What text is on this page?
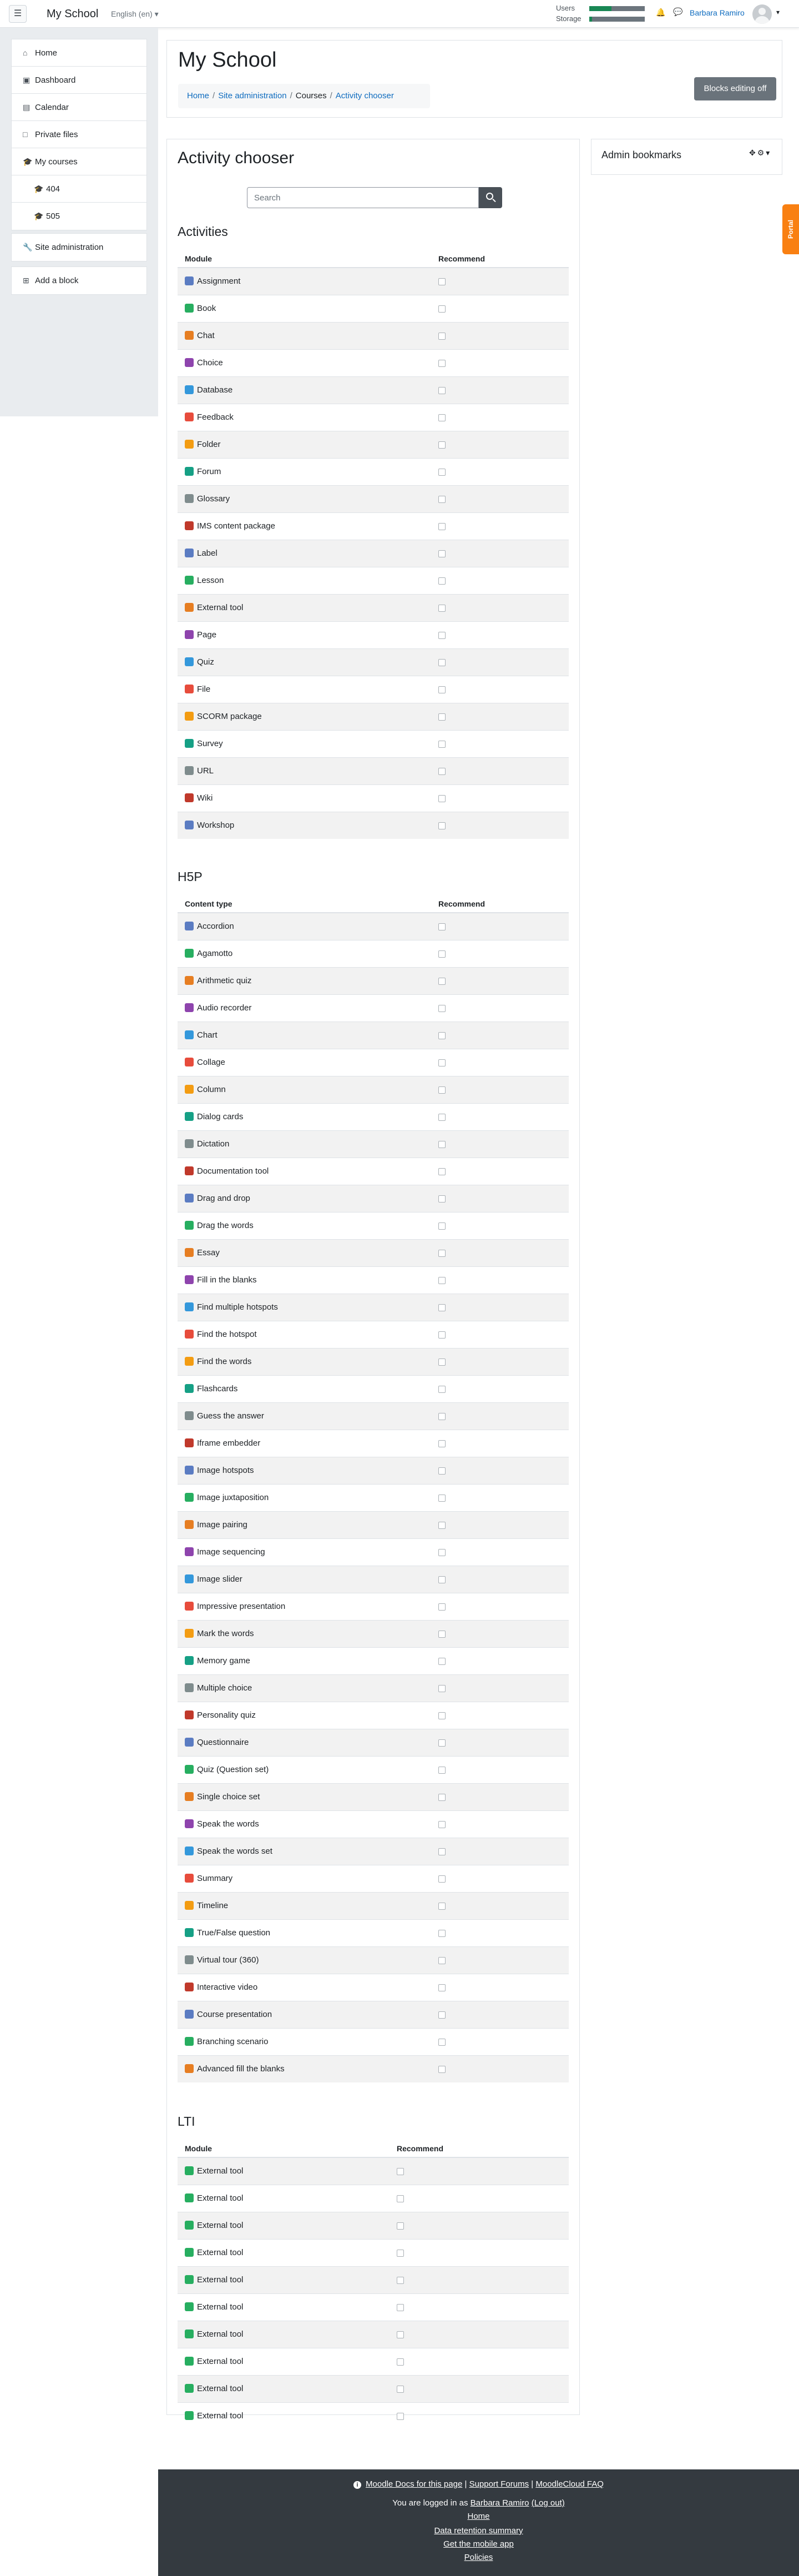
☰	My School English (en) ▾
Users
Storage
🔔 💬 Barbara Ramiro	▾
⌂ Home
▣ Dashboard
▤ Calendar
□ Private files
🎓 My courses
🎓 404
🎓 505
🔧 Site administration
⊞ Add a block
My School
Home / Site administration / Courses / Activity chooser
Blocks editing off
Activity chooser
Search
Activities
Module	Recommend
Assignment	
Book	
Chat	
Choice	
Database	
Feedback	
Folder	
Forum	
Glossary	
IMS content package	
Label	
Lesson	
External tool	
Page	
Quiz	
File	
SCORM package	
Survey	
URL	
Wiki	
Workshop	
H5P
Content type	Recommend
Accordion	
Agamotto	
Arithmetic quiz	
Audio recorder	
Chart	
Collage	
Column	
Dialog cards	
Dictation	
Documentation tool	
Drag and drop	
Drag the words	
Essay	
Fill in the blanks	
Find multiple hotspots	
Find the hotspot	
Find the words	
Flashcards	
Guess the answer	
Iframe embedder	
Image hotspots	
Image juxtaposition	
Image pairing	
Image sequencing	
Image slider	
Impressive presentation	
Mark the words	
Memory game	
Multiple choice	
Personality quiz	
Questionnaire	
Quiz (Question set)	
Single choice set	
Speak the words	
Speak the words set	
Summary	
Timeline	
True/False question	
Virtual tour (360)	
Interactive video	
Course presentation	
Branching scenario	
Advanced fill the blanks	
LTI
Module	Recommend
External tool	
External tool	
External tool	
External tool	
External tool	
External tool	
External tool	
External tool	
External tool	
External tool	
Admin bookmarks	✥⚙▾
Portal
i Moodle Docs for this page | Support Forums | MoodleCloud FAQ
You are logged in as Barbara Ramiro (Log out)
Home
Data retention summary
Get the mobile app
Policies
